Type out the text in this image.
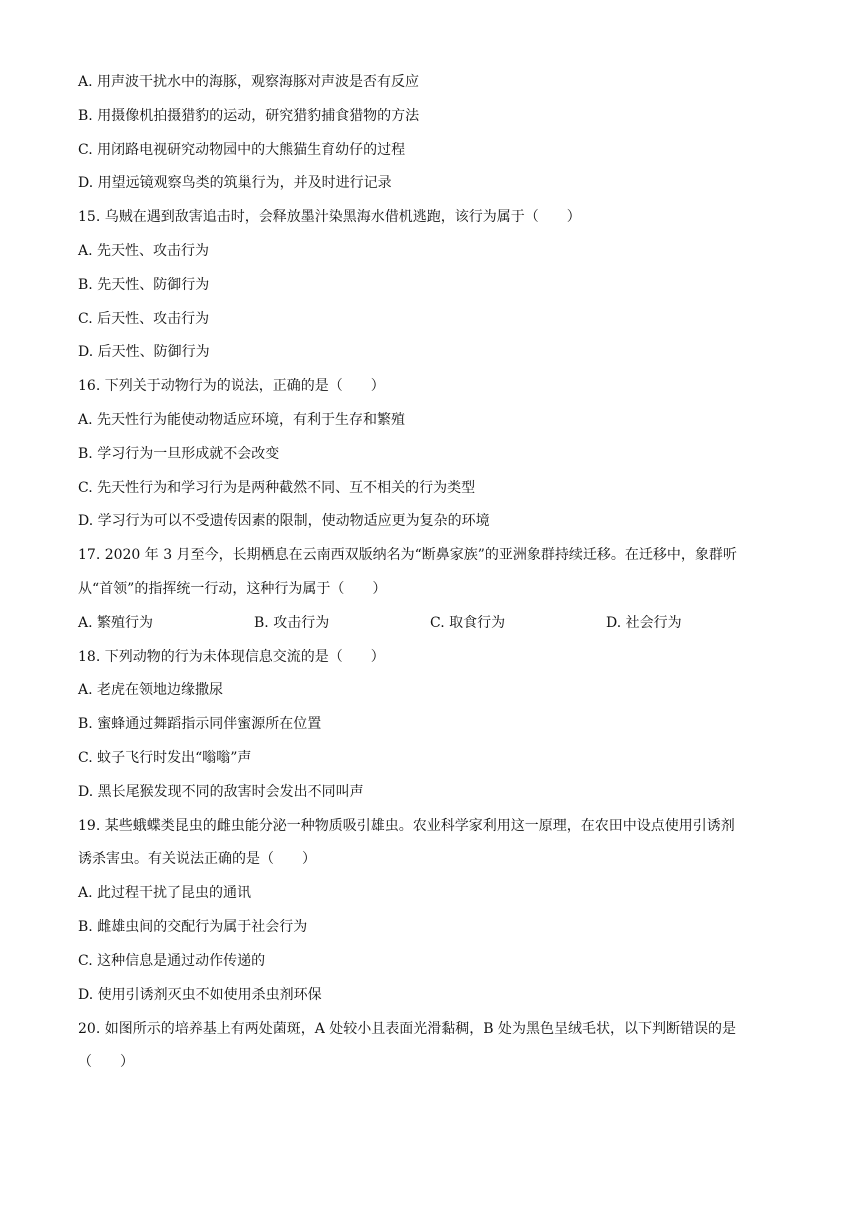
A. 用声波干扰水中的海豚，观察海豚对声波是否有反应
B. 用摄像机拍摄猎豹的运动，研究猎豹捕食猎物的方法
C. 用闭路电视研究动物园中的大熊猫生育幼仔的过程
D. 用望远镜观察鸟类的筑巢行为，并及时进行记录
15. 乌贼在遇到敌害追击时，会释放墨汁染黑海水借机逃跑，该行为属于（　　）
A. 先天性、攻击行为
B. 先天性、防御行为
C. 后天性、攻击行为
D. 后天性、防御行为
16. 下列关于动物行为的说法，正确的是（　　）
A. 先天性行为能使动物适应环境，有利于生存和繁殖
B. 学习行为一旦形成就不会改变
C. 先天性行为和学习行为是两种截然不同、互不相关的行为类型
D. 学习行为可以不受遗传因素的限制，使动物适应更为复杂的环境
17. 2020 年 3 月至今，长期栖息在云南西双版纳名为“断鼻家族”的亚洲象群持续迁移。在迁移中，象群听
从“首领”的指挥统一行动，这种行为属于（　　）
A. 繁殖行为	B. 攻击行为	C. 取食行为	D. 社会行为
18. 下列动物的行为未体现信息交流的是（　　）
A. 老虎在领地边缘撒尿
B. 蜜蜂通过舞蹈指示同伴蜜源所在位置
C. 蚊子飞行时发出“嗡嗡”声
D. 黑长尾猴发现不同的敌害时会发出不同叫声
19. 某些蛾蝶类昆虫的雌虫能分泌一种物质吸引雄虫。农业科学家利用这一原理，在农田中设点使用引诱剂
诱杀害虫。有关说法正确的是（　　）
A. 此过程干扰了昆虫的通讯
B. 雌雄虫间的交配行为属于社会行为
C. 这种信息是通过动作传递的
D. 使用引诱剂灭虫不如使用杀虫剂环保
20. 如图所示的培养基上有两处菌斑，A 处较小且表面光滑黏稠，B 处为黑色呈绒毛状，以下判断错误的是
（　　）
